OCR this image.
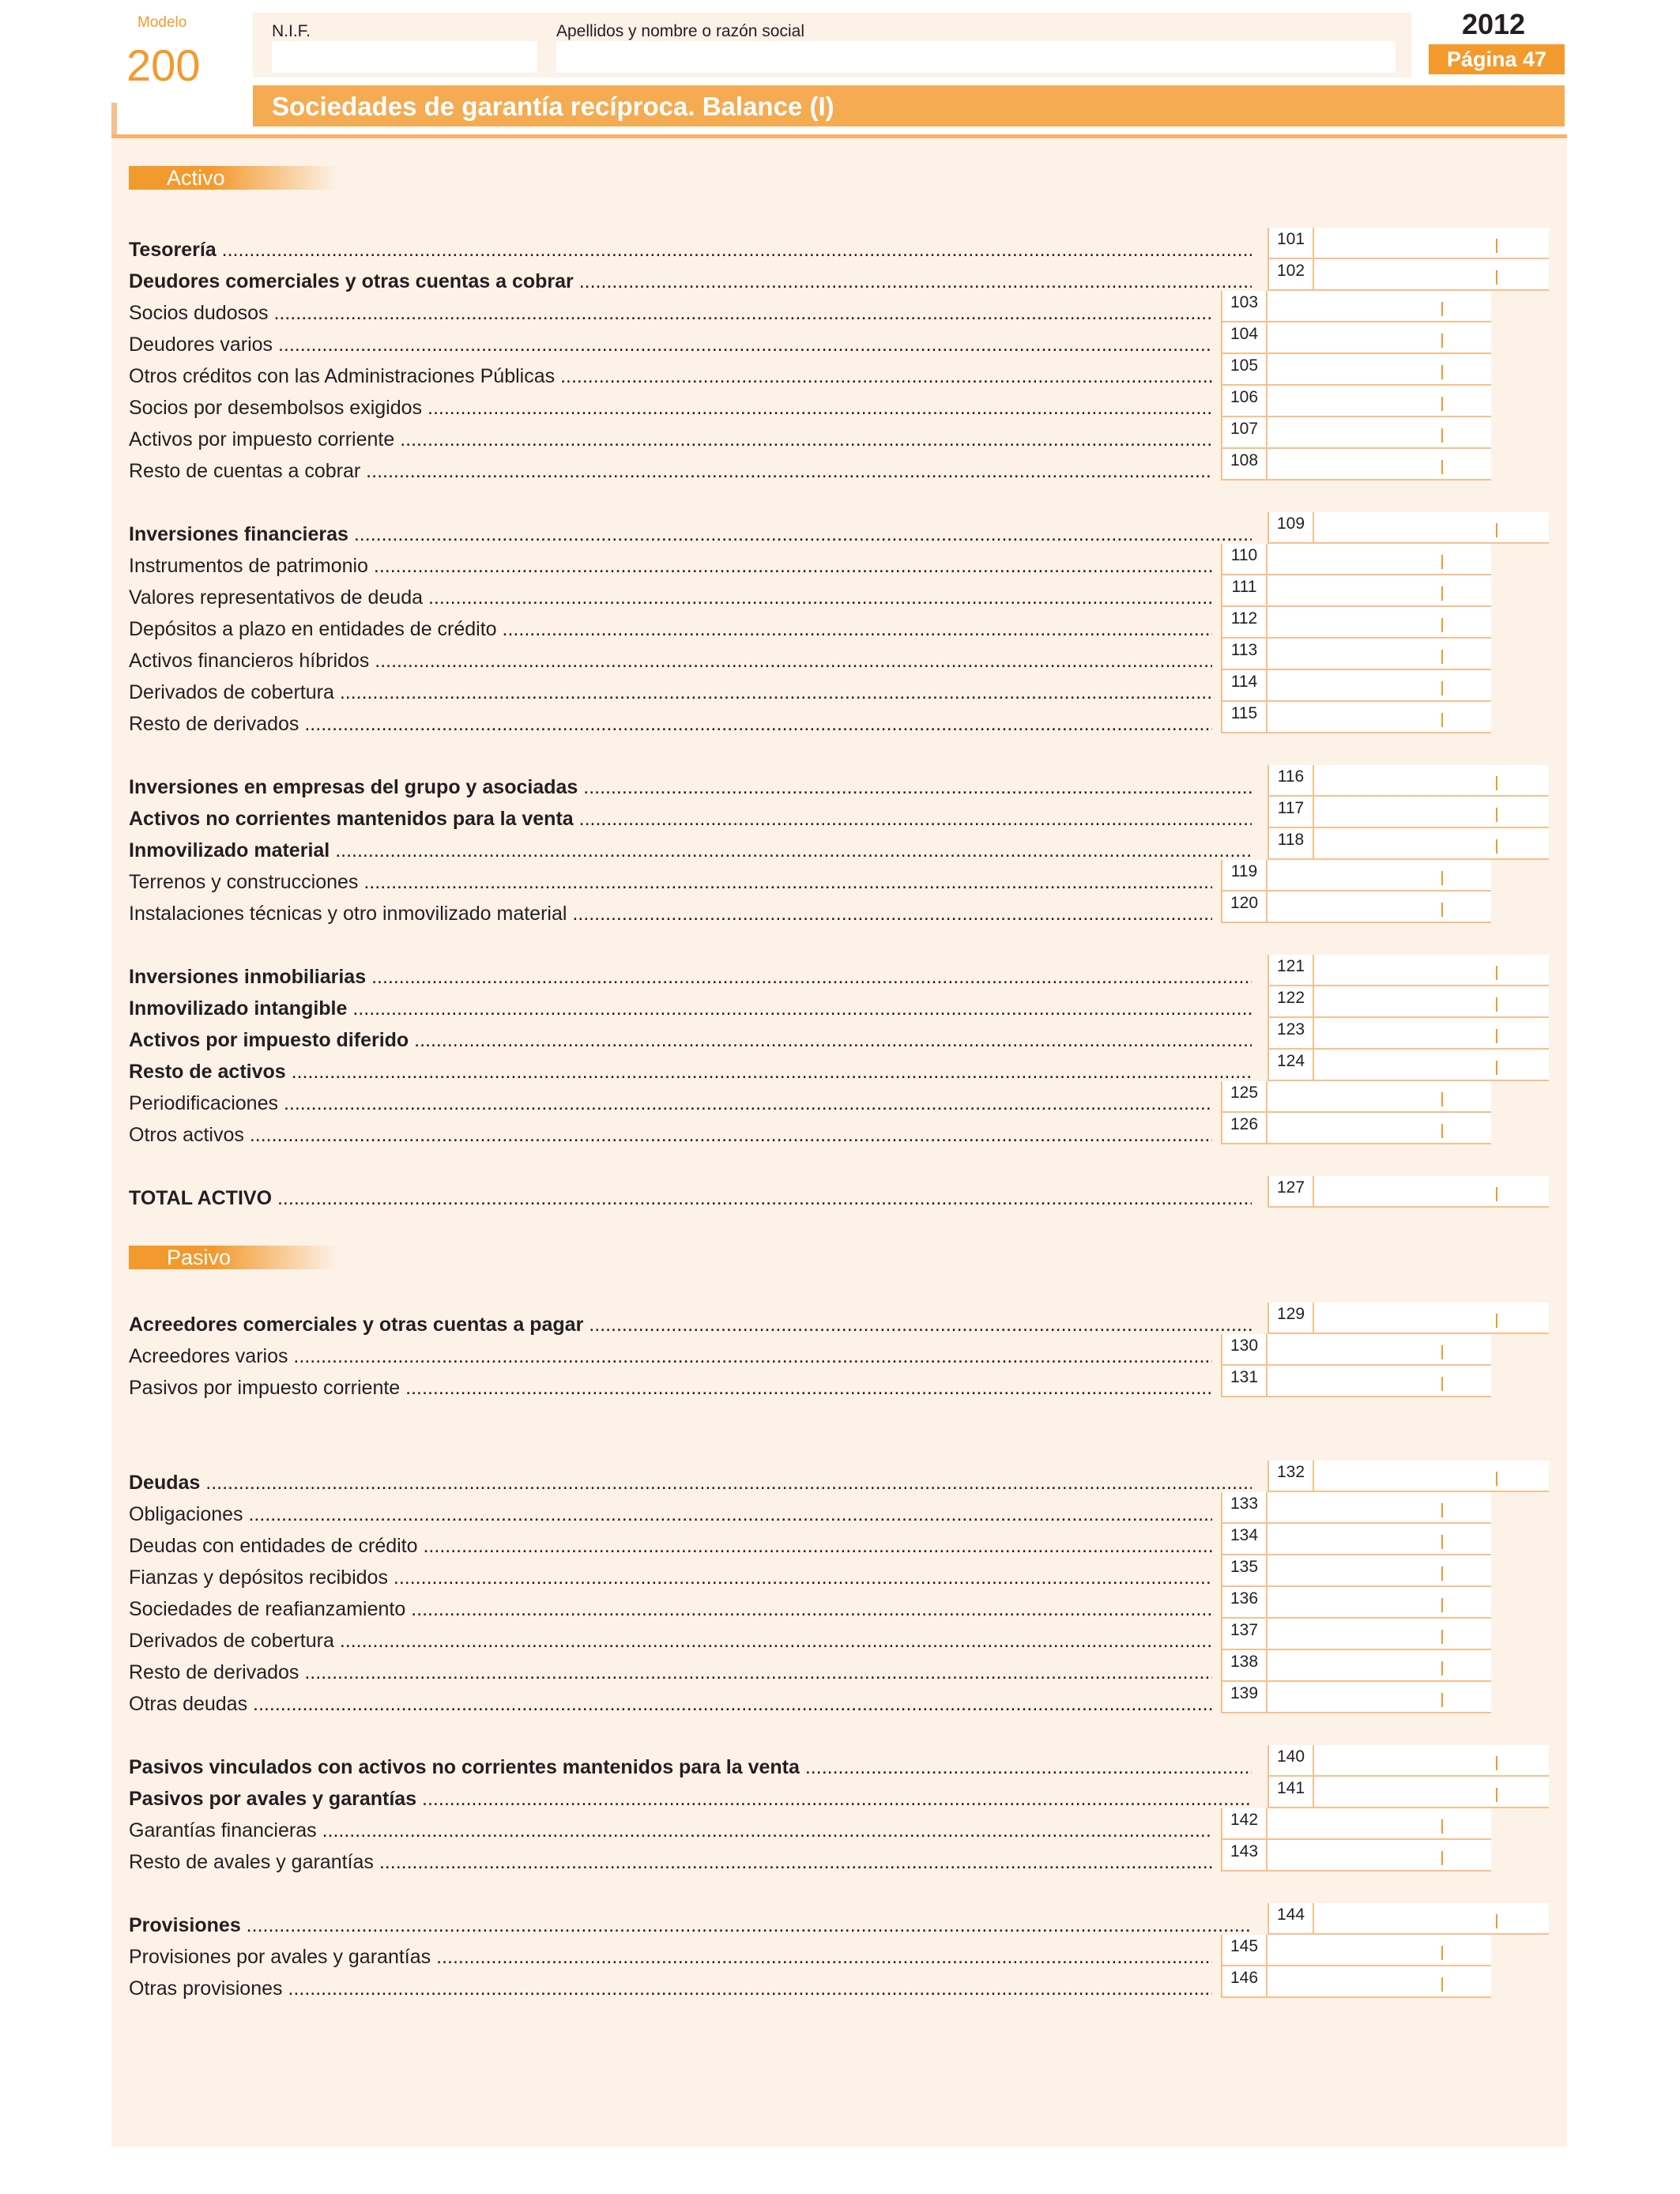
Modelo
200
N.I.F.	Apellidos y nombre o razón social	2012
Página 47
Sociedades de garantía recíproca. Balance (I)
Activo
Pasivo
Tesorería .....	101
Deudores comerciales y otras cuentas a cobrar .....	102
Socios dudosos .....	103
Deudores varios .....	104
Otros créditos con las Administraciones Públicas .....	105
Socios por desembolsos exigidos .....	106
Activos por impuesto corriente .....	107
Resto de cuentas a cobrar .....	108
Inversiones financieras .....	109
Instrumentos de patrimonio .....	110
Valores representativos de deuda .....	111
Depósitos a plazo en entidades de crédito .....	112
Activos financieros híbridos .....	113
Derivados de cobertura .....	114
Resto de derivados .....	115
Inversiones en empresas del grupo y asociadas .....	116
Activos no corrientes mantenidos para la venta .....	117
Inmovilizado material .....	118
Terrenos y construcciones .....	119
Instalaciones técnicas y otro inmovilizado material .....	120
Inversiones inmobiliarias .....	121
Inmovilizado intangible .....	122
Activos por impuesto diferido .....	123
Resto de activos .....	124
Periodificaciones .....	125
Otros activos .....	126
TOTAL ACTIVO .....	127
Acreedores comerciales y otras cuentas a pagar .....	129
Acreedores varios .....	130
Pasivos por impuesto corriente .....	131
Deudas .....	132
Obligaciones .....	133
Deudas con entidades de crédito .....	134
Fianzas y depósitos recibidos .....	135
Sociedades de reafianzamiento .....	136
Derivados de cobertura .....	137
Resto de derivados .....	138
Otras deudas .....	139
Pasivos vinculados con activos no corrientes mantenidos para la venta .....	140
Pasivos por avales y garantías .....	141
Garantías financieras .....	142
Resto de avales y garantías .....	143
Provisiones .....	144
Provisiones por avales y garantías .....	145
Otras provisiones .....	146
